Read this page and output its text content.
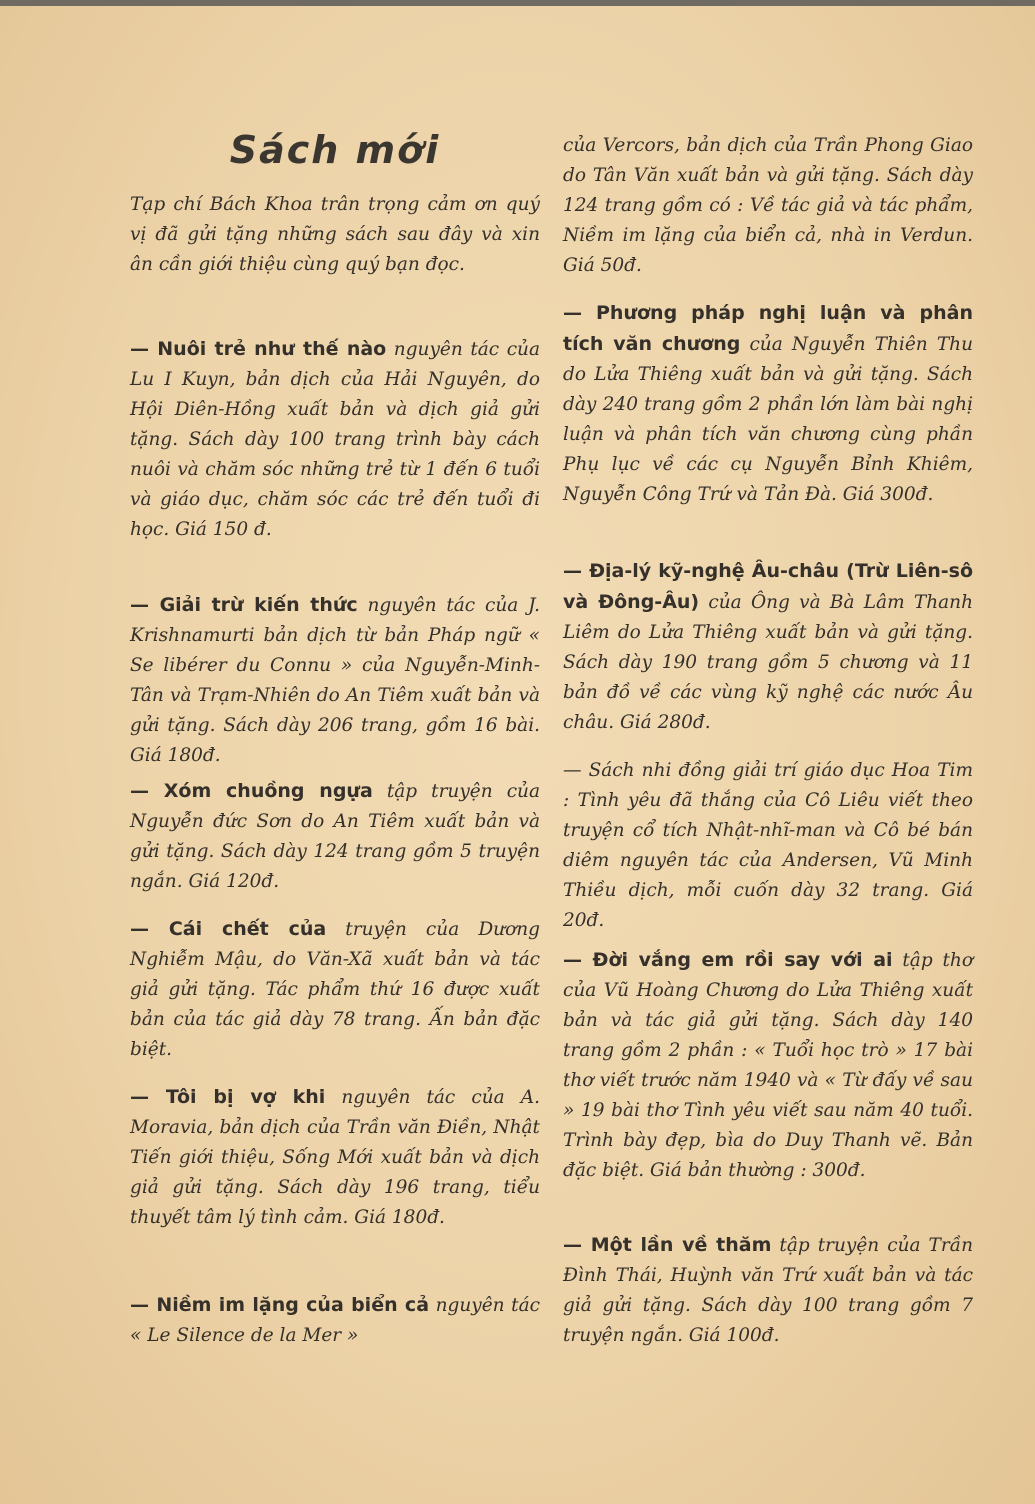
Sách mới

Tạp chí Bách Khoa trân trọng cảm ơn quý vị đã gửi tặng những sách sau đây và xin ân cần giới thiệu cùng quý bạn đọc.

— Nuôi trẻ như thế nào nguyên tác của Lu I Kuyn, bản dịch của Hải Nguyên, do Hội Diên-Hồng xuất bản và dịch giả gửi tặng. Sách dày 100 trang trình bày cách nuôi và chăm sóc những trẻ từ 1 đến 6 tuổi và giáo dục, chăm sóc các trẻ đến tuổi đi học. Giá 150 đ.

— Giải trừ kiến thức nguyên tác của J. Krishnamurti bản dịch từ bản Pháp ngữ « Se libérer du Connu » của Nguyễn-Minh-Tân và Trạm-Nhiên do An Tiêm xuất bản và gửi tặng. Sách dày 206 trang, gồm 16 bài. Giá 180đ.

— Xóm chuồng ngựa tập truyện của Nguyễn đức Sơn do An Tiêm xuất bản và gửi tặng. Sách dày 124 trang gồm 5 truyện ngắn. Giá 120đ.

— Cái chết của truyện của Dương Nghiễm Mậu, do Văn-Xã xuất bản và tác giả gửi tặng. Tác phẩm thứ 16 được xuất bản của tác giả dày 78 trang. Ấn bản đặc biệt.

— Tôi bị vợ khi nguyên tác của A. Moravia, bản dịch của Trần văn Điền, Nhật Tiến giới thiệu, Sống Mới xuất bản và dịch giả gửi tặng. Sách dày 196 trang, tiểu thuyết tâm lý tình cảm. Giá 180đ.

— Niềm im lặng của biển cả nguyên tác « Le Silence de la Mer »

của Vercors, bản dịch của Trần Phong Giao do Tân Văn xuất bản và gửi tặng. Sách dày 124 trang gồm có : Về tác giả và tác phẩm, Niềm im lặng của biển cả, nhà in Verdun. Giá 50đ.

— Phương pháp nghị luận và phân tích văn chương của Nguyễn Thiên Thu do Lửa Thiêng xuất bản và gửi tặng. Sách dày 240 trang gồm 2 phần lớn làm bài nghị luận và phân tích văn chương cùng phần Phụ lục về các cụ Nguyễn Bỉnh Khiêm, Nguyễn Công Trứ và Tản Đà. Giá 300đ.

— Địa-lý kỹ-nghệ Âu-châu (Trừ Liên-sô và Đông-Âu) của Ông và Bà Lâm Thanh Liêm do Lửa Thiêng xuất bản và gửi tặng. Sách dày 190 trang gồm 5 chương và 11 bản đồ về các vùng kỹ nghệ các nước Âu châu. Giá 280đ.

— Sách nhi đồng giải trí giáo dục Hoa Tim : Tình yêu đã thắng của Cô Liêu viết theo truyện cổ tích Nhật-nhĩ-man và Cô bé bán diêm nguyên tác của Andersen, Vũ Minh Thiều dịch, mỗi cuốn dày 32 trang. Giá 20đ.

— Đời vắng em rồi say với ai tập thơ của Vũ Hoàng Chương do Lửa Thiêng xuất bản và tác giả gửi tặng. Sách dày 140 trang gồm 2 phần : « Tuổi học trò » 17 bài thơ viết trước năm 1940 và « Từ đấy về sau » 19 bài thơ Tình yêu viết sau năm 40 tuổi. Trình bày đẹp, bìa do Duy Thanh vẽ. Bản đặc biệt. Giá bản thường : 300đ.

— Một lần về thăm tập truyện của Trần Đình Thái, Huỳnh văn Trứ xuất bản và tác giả gửi tặng. Sách dày 100 trang gồm 7 truyện ngắn. Giá 100đ.
